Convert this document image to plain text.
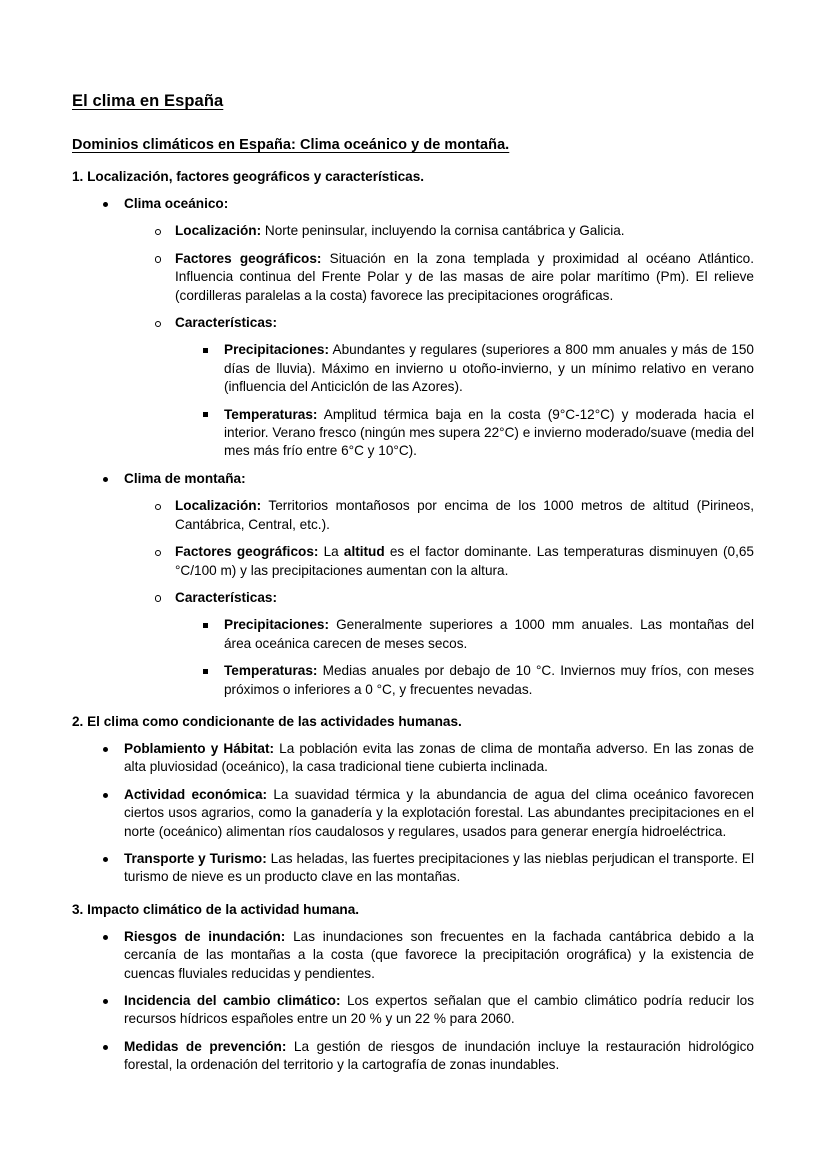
El clima en España
Dominios climáticos en España: Clima oceánico y de montaña.
1. Localización, factores geográficos y características.
Clima oceánico:
Localización: Norte peninsular, incluyendo la cornisa cantábrica y Galicia.
Factores geográficos: Situación en la zona templada y proximidad al océano Atlántico. Influencia continua del Frente Polar y de las masas de aire polar marítimo (Pm). El relieve (cordilleras paralelas a la costa) favorece las precipitaciones orográficas.
Características:
Precipitaciones: Abundantes y regulares (superiores a 800 mm anuales y más de 150 días de lluvia). Máximo en invierno u otoño-invierno, y un mínimo relativo en verano (influencia del Anticiclón de las Azores).
Temperaturas: Amplitud térmica baja en la costa (9°C-12°C) y moderada hacia el interior. Verano fresco (ningún mes supera 22°C) e invierno moderado/suave (media del mes más frío entre 6°C y 10°C).
Clima de montaña:
Localización: Territorios montañosos por encima de los 1000 metros de altitud (Pirineos, Cantábrica, Central, etc.).
Factores geográficos: La altitud es el factor dominante. Las temperaturas disminuyen (0,65 °C/100 m) y las precipitaciones aumentan con la altura.
Características:
Precipitaciones: Generalmente superiores a 1000 mm anuales. Las montañas del área oceánica carecen de meses secos.
Temperaturas: Medias anuales por debajo de 10 °C. Inviernos muy fríos, con meses próximos o inferiores a 0 °C, y frecuentes nevadas.
2. El clima como condicionante de las actividades humanas.
Poblamiento y Hábitat: La población evita las zonas de clima de montaña adverso. En las zonas de alta pluviosidad (oceánico), la casa tradicional tiene cubierta inclinada.
Actividad económica: La suavidad térmica y la abundancia de agua del clima oceánico favorecen ciertos usos agrarios, como la ganadería y la explotación forestal. Las abundantes precipitaciones en el norte (oceánico) alimentan ríos caudalosos y regulares, usados para generar energía hidroeléctrica.
Transporte y Turismo: Las heladas, las fuertes precipitaciones y las nieblas perjudican el transporte. El turismo de nieve es un producto clave en las montañas.
3. Impacto climático de la actividad humana.
Riesgos de inundación: Las inundaciones son frecuentes en la fachada cantábrica debido a la cercanía de las montañas a la costa (que favorece la precipitación orográfica) y la existencia de cuencas fluviales reducidas y pendientes.
Incidencia del cambio climático: Los expertos señalan que el cambio climático podría reducir los recursos hídricos españoles entre un 20 % y un 22 % para 2060.
Medidas de prevención: La gestión de riesgos de inundación incluye la restauración hidrológico forestal, la ordenación del territorio y la cartografía de zonas inundables.
